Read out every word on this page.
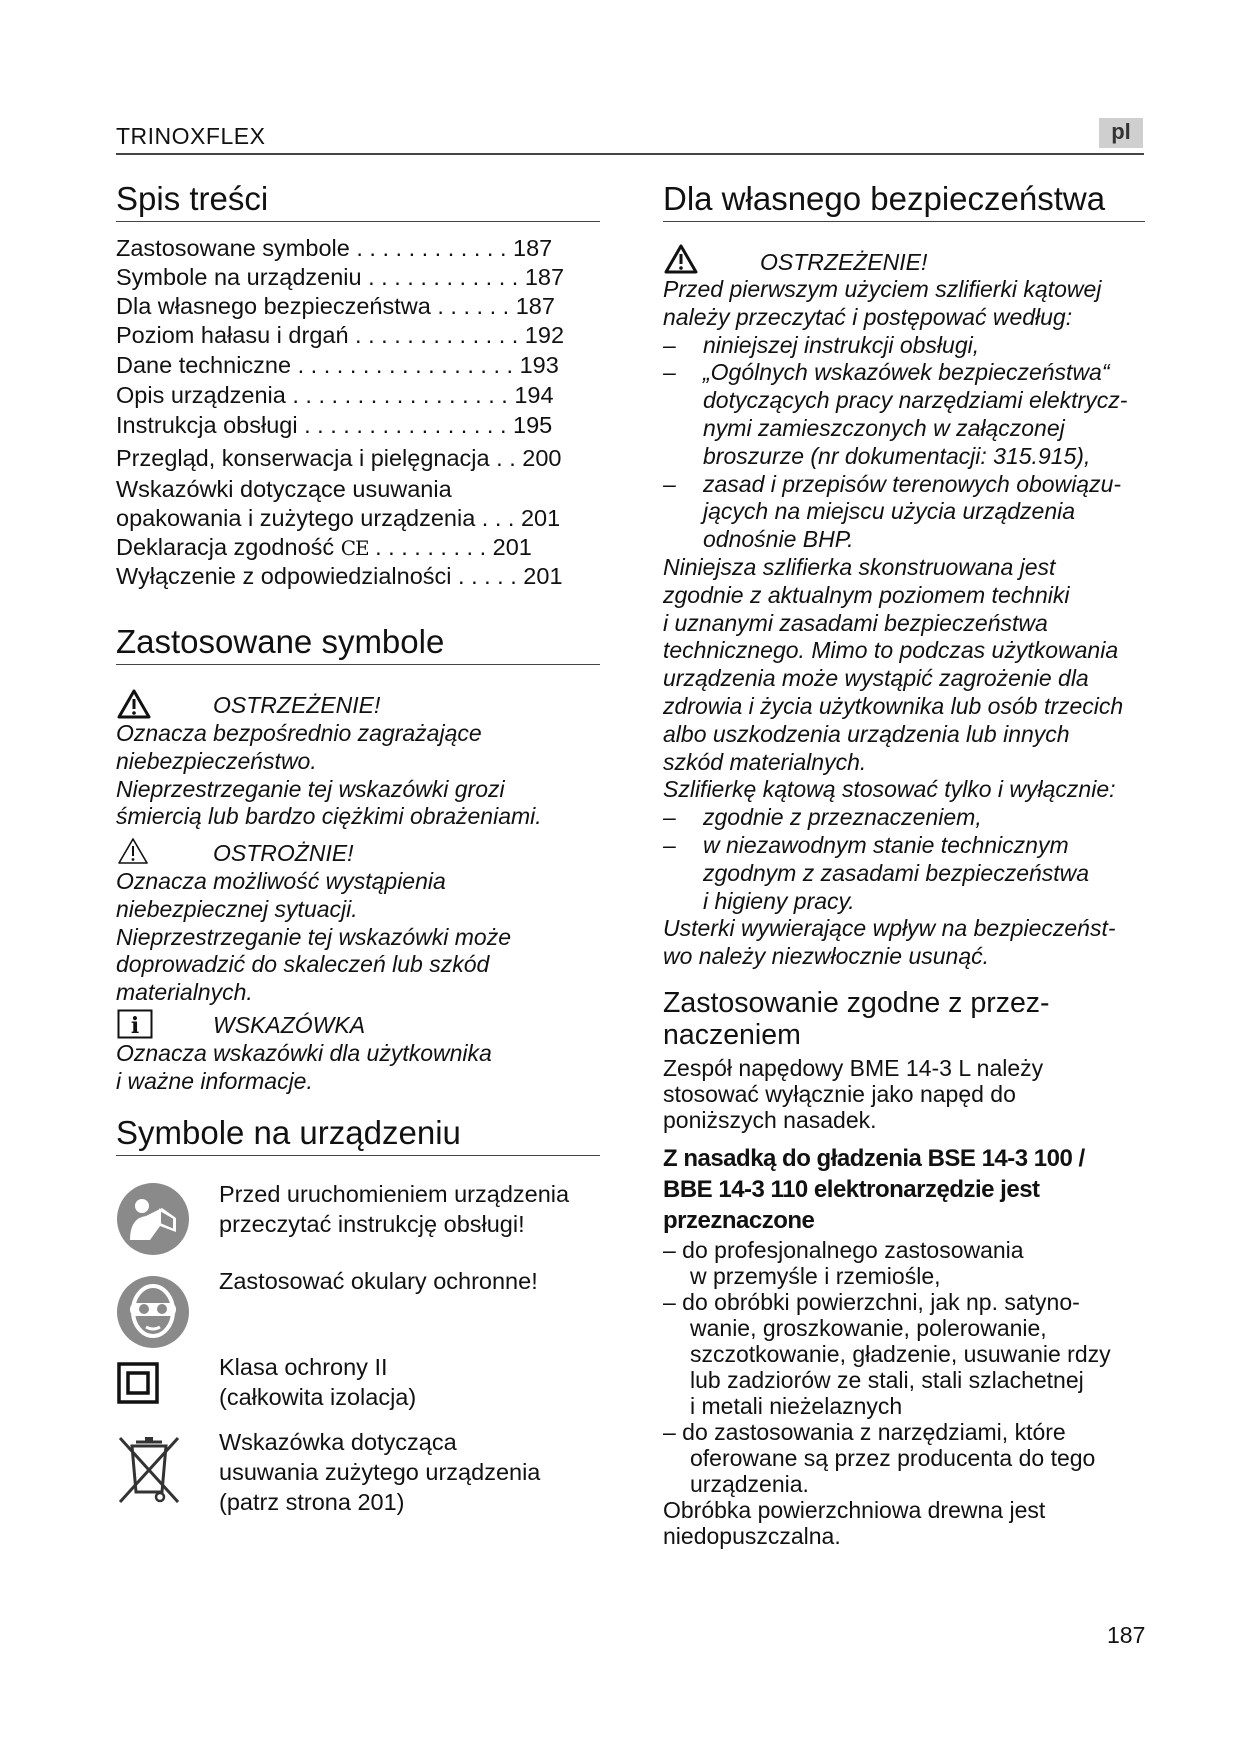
TRINOXFLEX	pl
Spis treści
Zastosowane symbole . . . . . . . . . . . . 187
Symbole na urządzeniu . . . . . . . . . . . . 187
Dla własnego bezpieczeństwa . . . . . . 187
Poziom hałasu i drgań . . . . . . . . . . . . . 192
Dane techniczne . . . . . . . . . . . . . . . . . 193
Opis urządzenia . . . . . . . . . . . . . . . . . 194
Instrukcja obsługi . . . . . . . . . . . . . . . . 195
Przegląd, konserwacja i pielęgnacja . . 200
Wskazówki dotyczące usuwania
opakowania i zużytego urządzenia . . . 201
Deklaracja zgodność CE . . . . . . . . . 201
Wyłączenie z odpowiedzialności . . . . . 201
Zastosowane symbole
OSTRZEŻENIE!
Oznacza bezpośrednio zagrażające
niebezpieczeństwo.
Nieprzestrzeganie tej wskazówki grozi
śmiercią lub bardzo ciężkimi obrażeniami.
OSTROŻNIE!
Oznacza możliwość wystąpienia
niebezpiecznej sytuacji.
Nieprzestrzeganie tej wskazówki może
doprowadzić do skaleczeń lub szkód
materialnych.
i	WSKAZÓWKA
Oznacza wskazówki dla użytkownika
i ważne informacje.
Symbole na urządzeniu
Przed uruchomieniem urządzenia
przeczytać instrukcję obsługi!
Zastosować okulary ochronne!
Klasa ochrony II
(całkowita izolacja)
Wskazówka dotycząca
usuwania zużytego urządzenia
(patrz strona 201)
Dla własnego bezpieczeństwa
OSTRZEŻENIE!
Przed pierwszym użyciem szlifierki kątowej
należy przeczytać i postępować według:
–	niniejszej instrukcji obsługi,
–	„Ogólnych wskazówek bezpieczeństwa“
dotyczących pracy narzędziami elektrycz-
nymi zamieszczonych w załączonej
broszurze (nr dokumentacji: 315.915),
–	zasad i przepisów terenowych obowiązu-
jących na miejscu użycia urządzenia
odnośnie BHP.
Niniejsza szlifierka skonstruowana jest
zgodnie z aktualnym poziomem techniki
i uznanymi zasadami bezpieczeństwa
technicznego. Mimo to podczas użytkowania
urządzenia może wystąpić zagrożenie dla
zdrowia i życia użytkownika lub osób trzecich
albo uszkodzenia urządzenia lub innych
szkód materialnych.
Szlifierkę kątową stosować tylko i wyłącznie:
–	zgodnie z przeznaczeniem,
–	w niezawodnym stanie technicznym
zgodnym z zasadami bezpieczeństwa
i higieny pracy.
Usterki wywierające wpływ na bezpieczeńst-
wo należy niezwłocznie usunąć.
Zastosowanie zgodne z przez-
naczeniem
Zespół napędowy BME 14-3 L należy
stosować wyłącznie jako napęd do
poniższych nasadek.
Z nasadką do gładzenia BSE 14-3 100 /
BBE 14-3 110 elektronarzędzie jest
przeznaczone
– do profesjonalnego zastosowania
w przemyśle i rzemiośle,
– do obróbki powierzchni, jak np. satyno-
wanie, groszkowanie, polerowanie,
szczotkowanie, gładzenie, usuwanie rdzy
lub zadziorów ze stali, stali szlachetnej
i metali nieżelaznych
– do zastosowania z narzędziami, które
oferowane są przez producenta do tego
urządzenia.
Obróbka powierzchniowa drewna jest
niedopuszczalna.
187
